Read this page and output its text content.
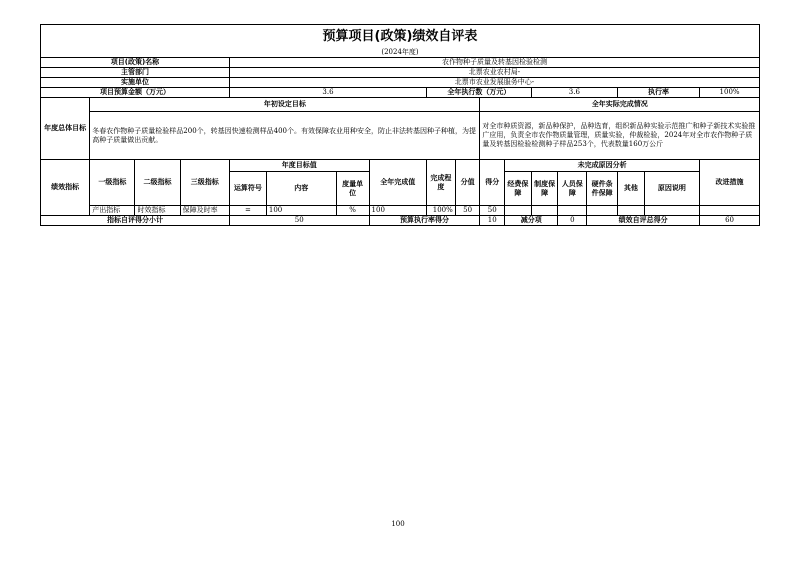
预算项目(政策)绩效自评表																	
(2024年度)																	
项目(政策)名称				农作物种子质量及转基因检验检测													
主管部门				北票农业农村局-													
实施单位				北票市农业发展服务中心-													
项目预算金额（万元）				3.6				全年执行数（万元）				3.6			执行率		100%
年度总体目标	年初设定目标									全年实际完成情况							
	冬春农作物种子质量检验样品200个，转基因快速检测样品400个。有效保障农业用种安全，防止非法转基因种子种植，为提高种子质量做出贡献。									对全市种质资源，新品种保护，品种选育，组织新品种实验示范推广和种子新技术实验推广应用，负责全市农作物质量管理，质量实验，仲裁检验，2024年对全市农作物种子质量及转基因检验检测种子样品253个，代表数量160万公斤							
绩效指标	一级指标	二级指标	三级指标	年度目标值			全年完成值	完成程度	分值	得分	未完成原因分析						改进措施
				运算符号	内容	度量单位					经费保障	制度保障	人员保障	硬件条件保障	其他	原因说明	
	产出指标	时效指标	保障及时率	=	100	%	100	100%	50	50							
指标自评得分小计				50			预算执行率得分			10	减分项		0	绩效自评总得分			60
100
